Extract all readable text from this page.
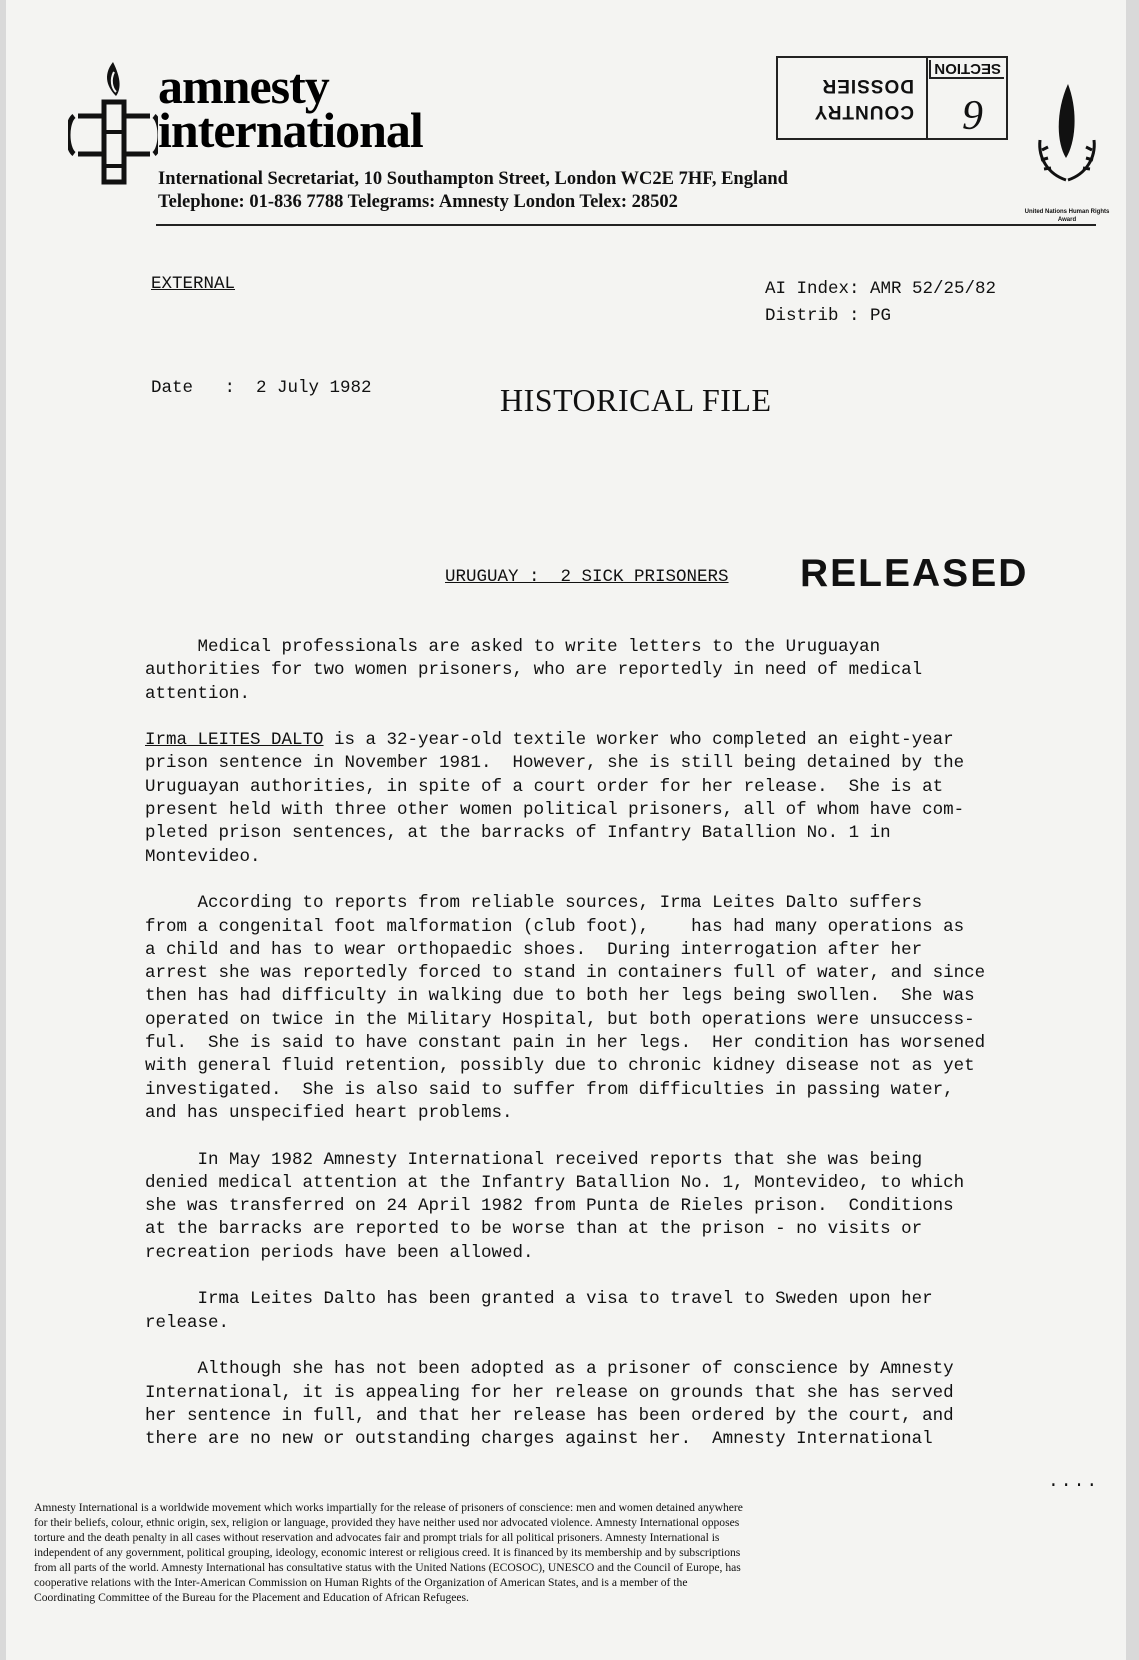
amnesty
international
International Secretariat, 10 Southampton Street, London WC2E 7HF, England
Telephone: 01-836 7788 Telegrams: Amnesty London Telex: 28502
6
SECTION
COUNTRY
DOSSIER
United Nations Human Rights Award
EXTERNAL	AI Index: AMR 52/25/82
Distrib : PG
Date   :  2 July 1982	HISTORICAL FILE
URUGUAY :  2 SICK PRISONERS RELEASED

Medical professionals are asked to write letters to the Uruguayan
authorities for two women prisoners, who are reportedly in need of medical
attention.

Irma LEITES DALTO is a 32-year-old textile worker who completed an eight-year
prison sentence in November 1981.  However, she is still being detained by the
Uruguayan authorities, in spite of a court order for her release.  She is at
present held with three other women political prisoners, all of whom have com-
pleted prison sentences, at the barracks of Infantry Batallion No. 1 in
Montevideo.

According to reports from reliable sources, Irma Leites Dalto suffers
from a congenital foot malformation (club foot),    has had many operations as
a child and has to wear orthopaedic shoes.  During interrogation after her
arrest she was reportedly forced to stand in containers full of water, and since
then has had difficulty in walking due to both her legs being swollen.  She was
operated on twice in the Military Hospital, but both operations were unsuccess-
ful.  She is said to have constant pain in her legs.  Her condition has worsened
with general fluid retention, possibly due to chronic kidney disease not as yet
investigated.  She is also said to suffer from difficulties in passing water,
and has unspecified heart problems.

In May 1982 Amnesty International received reports that she was being
denied medical attention at the Infantry Batallion No. 1, Montevideo, to which
she was transferred on 24 April 1982 from Punta de Rieles prison.  Conditions
at the barracks are reported to be worse than at the prison - no visits or
recreation periods have been allowed.

Irma Leites Dalto has been granted a visa to travel to Sweden upon her
release.

Although she has not been adopted as a prisoner of conscience by Amnesty
International, it is appealing for her release on grounds that she has served
her sentence in full, and that her release has been ordered by the court, and
there are no new or outstanding charges against her.  Amnesty International

....
Amnesty International is a worldwide movement which works impartially for the release of prisoners of conscience: men and women detained anywhere
for their beliefs, colour, ethnic origin, sex, religion or language, provided they have neither used nor advocated violence. Amnesty International opposes
torture and the death penalty in all cases without reservation and advocates fair and prompt trials for all political prisoners. Amnesty International is
independent of any government, political grouping, ideology, economic interest or religious creed. It is financed by its membership and by subscriptions
from all parts of the world. Amnesty International has consultative status with the United Nations (ECOSOC), UNESCO and the Council of Europe, has
cooperative relations with the Inter-American Commission on Human Rights of the Organization of American States, and is a member of the
Coordinating Committee of the Bureau for the Placement and Education of African Refugees.
